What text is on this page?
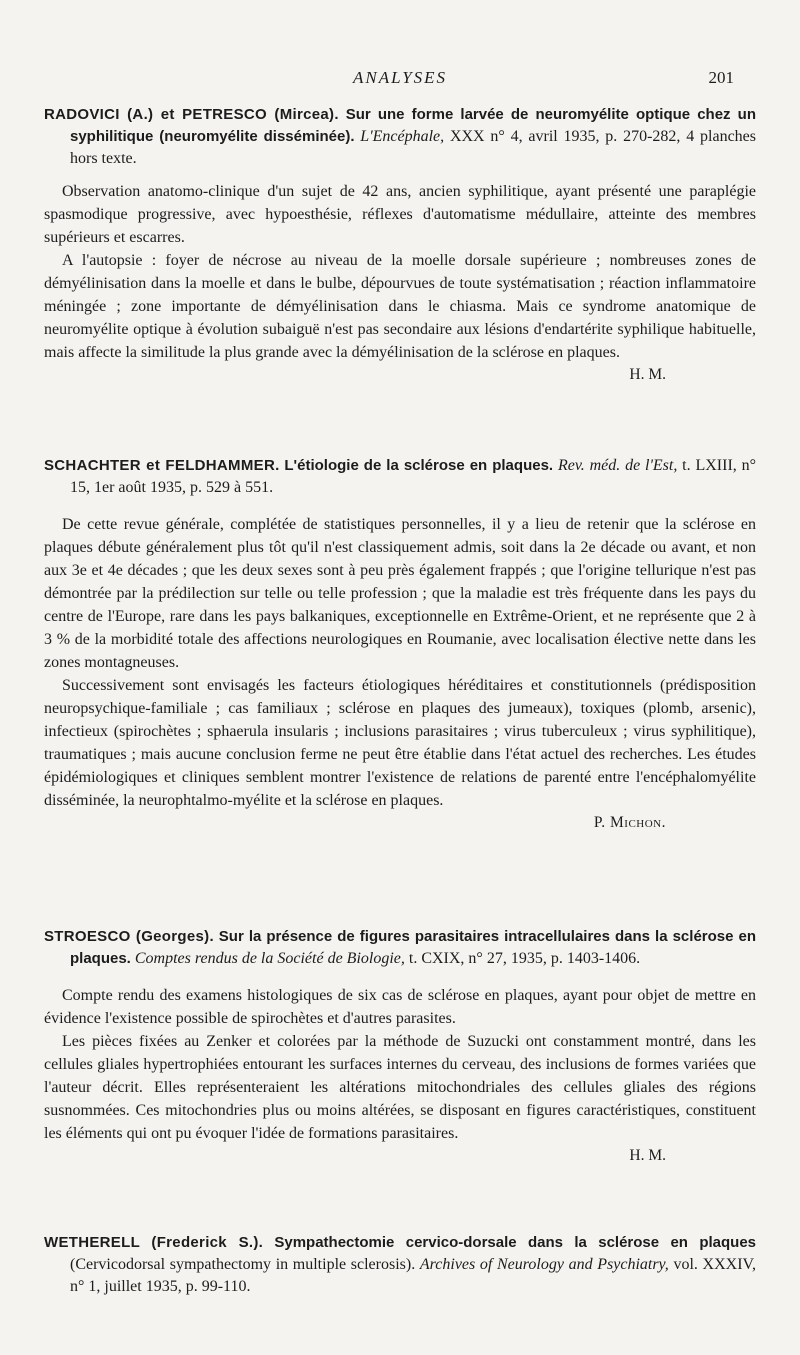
ANALYSES	201
RADOVICI (A.) et PETRESCO (Mircea). Sur une forme larvée de neuromyélite optique chez un syphilitique (neuromyélite disséminée). L'Encéphale, XXX n° 4, avril 1935, p. 270-282, 4 planches hors texte.

Observation anatomo-clinique d'un sujet de 42 ans, ancien syphilitique, ayant présenté une paraplégie spasmodique progressive, avec hypoesthésie, réflexes d'automatisme médullaire, atteinte des membres supérieurs et escarres.

A l'autopsie : foyer de nécrose au niveau de la moelle dorsale supérieure ; nombreuses zones de démyélinisation dans la moelle et dans le bulbe, dépourvues de toute systématisation ; réaction inflammatoire méningée ; zone importante de démyélinisation dans le chiasma. Mais ce syndrome anatomique de neuromyélite optique à évolution subaiguë n'est pas secondaire aux lésions d'endartérite syphilique habituelle, mais affecte la similitude la plus grande avec la démyélinisation de la sclérose en plaques.

H. M.
SCHACHTER et FELDHAMMER. L'étiologie de la sclérose en plaques. Rev. méd. de l'Est, t. LXIII, n° 15, 1er août 1935, p. 529 à 551.

De cette revue générale, complétée de statistiques personnelles, il y a lieu de retenir que la sclérose en plaques débute généralement plus tôt qu'il n'est classiquement admis, soit dans la 2e décade ou avant, et non aux 3e et 4e décades ; que les deux sexes sont à peu près également frappés ; que l'origine tellurique n'est pas démontrée par la prédilection sur telle ou telle profession ; que la maladie est très fréquente dans les pays du centre de l'Europe, rare dans les pays balkaniques, exceptionnelle en Extrême-Orient, et ne représente que 2 à 3 % de la morbidité totale des affections neurologiques en Roumanie, avec localisation élective nette dans les zones montagneuses.

Successivement sont envisagés les facteurs étiologiques héréditaires et constitutionnels (prédisposition neuropsychique-familiale ; cas familiaux ; sclérose en plaques des jumeaux), toxiques (plomb, arsenic), infectieux (spirochètes ; sphaerula insularis ; inclusions parasitaires ; virus tuberculeux ; virus syphilitique), traumatiques ; mais aucune conclusion ferme ne peut être établie dans l'état actuel des recherches. Les études épidémiologiques et cliniques semblent montrer l'existence de relations de parenté entre l'encéphalomyélite disséminée, la neurophtalmo-myélite et la sclérose en plaques.

P. Michon.
STROESCO (Georges). Sur la présence de figures parasitaires intracellulaires dans la sclérose en plaques. Comptes rendus de la Société de Biologie, t. CXIX, n° 27, 1935, p. 1403-1406.

Compte rendu des examens histologiques de six cas de sclérose en plaques, ayant pour objet de mettre en évidence l'existence possible de spirochètes et d'autres parasites.

Les pièces fixées au Zenker et colorées par la méthode de Suzucki ont constamment montré, dans les cellules gliales hypertrophiées entourant les surfaces internes du cerveau, des inclusions de formes variées que l'auteur décrit. Elles représenteraient les altérations mitochondriales des cellules gliales des régions susnommées. Ces mitochondries plus ou moins altérées, se disposant en figures caractéristiques, constituent les éléments qui ont pu évoquer l'idée de formations parasitaires.

H. M.
WETHERELL (Frederick S.). Sympathectomie cervico-dorsale dans la sclérose en plaques (Cervicodorsal sympathectomy in multiple sclerosis). Archives of Neurology and Psychiatry, vol. XXXIV, n° 1, juillet 1935, p. 99-110.
